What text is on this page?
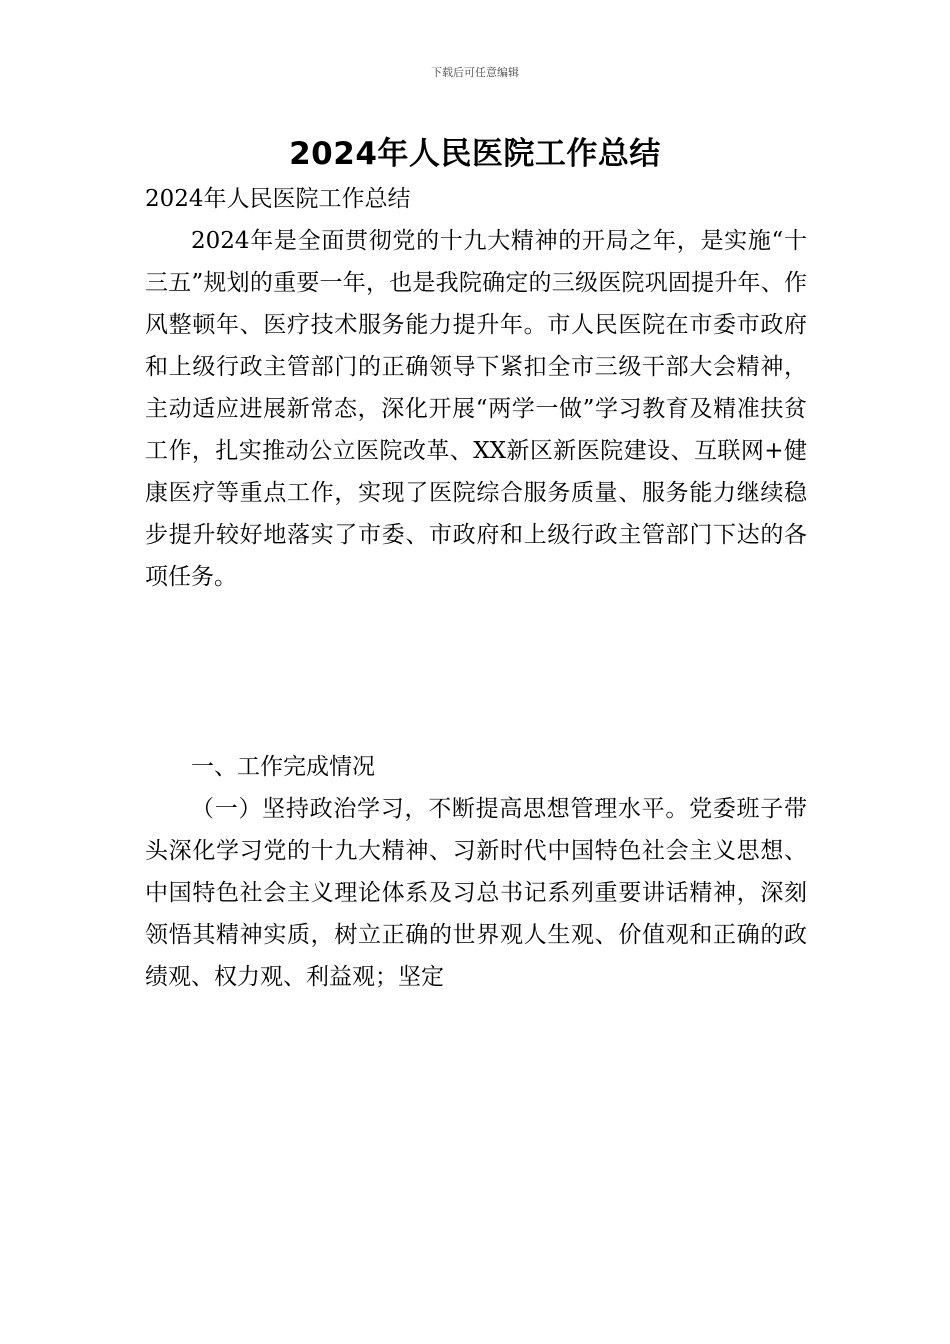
下载后可任意编辑
2024年人民医院工作总结
2024年人民医院工作总结

2024年是全面贯彻党的十九大精神的开局之年，是实施“十三五”规划的重要一年，也是我院确定的三级医院巩固提升年、作风整顿年、医疗技术服务能力提升年。市人民医院在市委市政府和上级行政主管部门的正确领导下紧扣全市三级干部大会精神，主动适应进展新常态，深化开展“两学一做”学习教育及精准扶贫工作，扎实推动公立医院改革、XX新区新医院建设、互联网+健康医疗等重点工作，实现了医院综合服务质量、服务能力继续稳步提升较好地落实了市委、市政府和上级行政主管部门下达的各项任务。

一、工作完成情况

（一）坚持政治学习，不断提高思想管理水平。党委班子带头深化学习党的十九大精神、习新时代中国特色社会主义思想、中国特色社会主义理论体系及习总书记系列重要讲话精神，深刻领悟其精神实质，树立正确的世界观人生观、价值观和正确的政绩观、权力观、利益观；坚定
